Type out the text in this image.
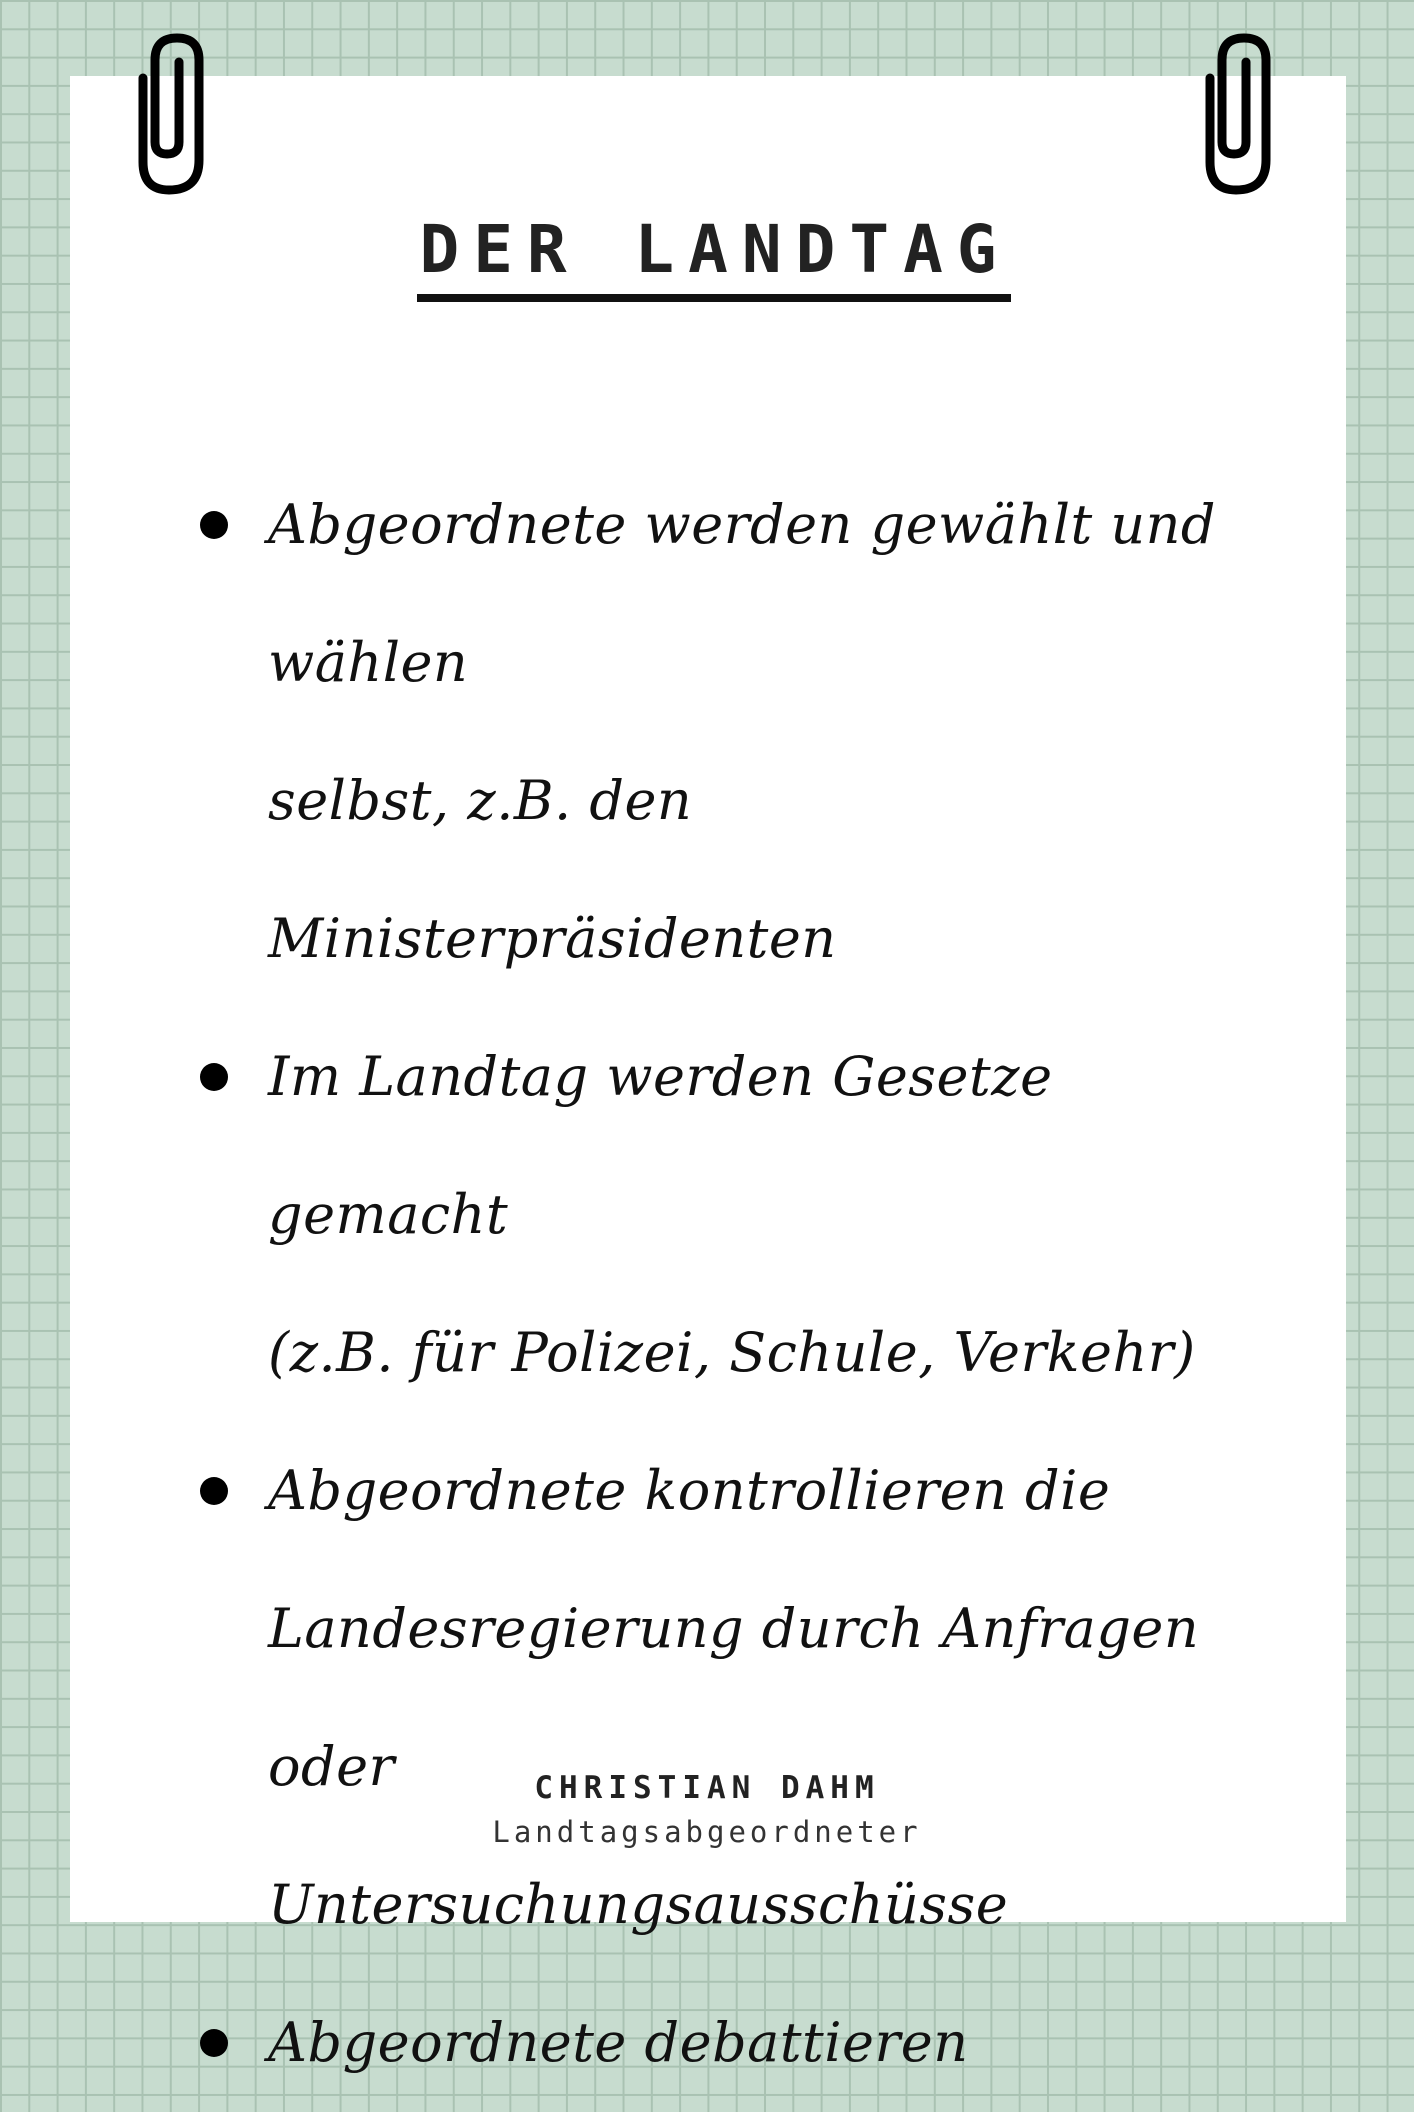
DER LANDTAG
Abgeordnete werden gewählt und wählen
selbst, z.B. den Ministerpräsidenten
Im Landtag werden Gesetze gemacht
(z.B. für Polizei, Schule, Verkehr)
Abgeordnete kontrollieren die
Landesregierung durch Anfragen oder
Untersuchungsausschüsse
Abgeordnete debattieren
CHRISTIAN DAHM
Landtagsabgeordneter
